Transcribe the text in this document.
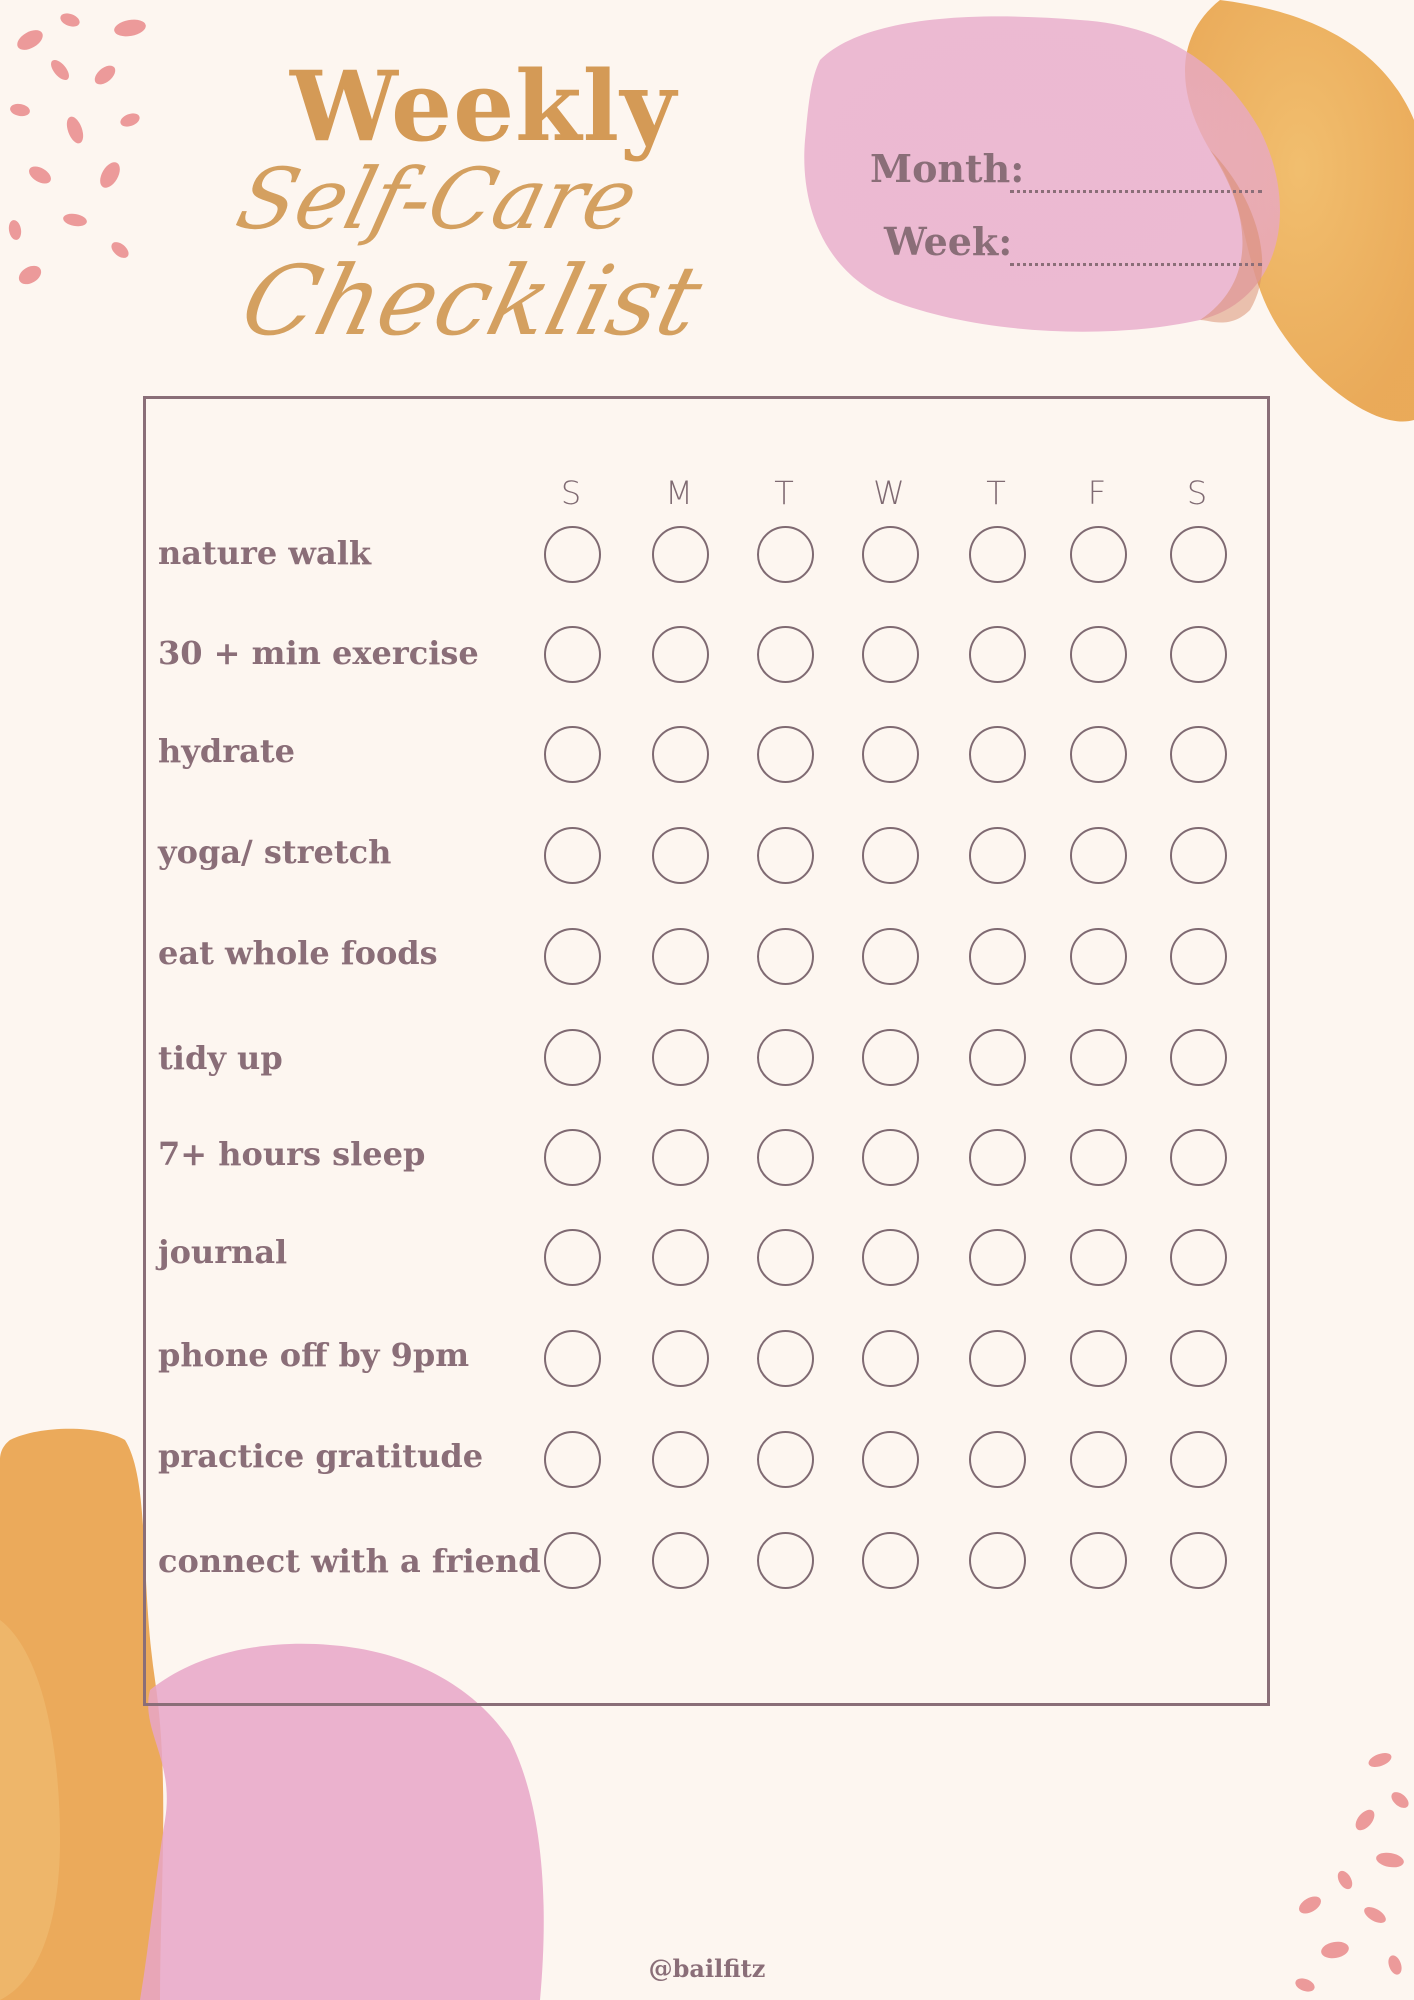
Weekly
Self-Care
Checklist
Month:
Week:
S	M	T	W	T	F	S
nature walk
30 + min exercise
hydrate
yoga/ stretch
eat whole foods
tidy up
7+ hours sleep
journal
phone off by 9pm
practice gratitude
connect with a friend
@bailfitz
